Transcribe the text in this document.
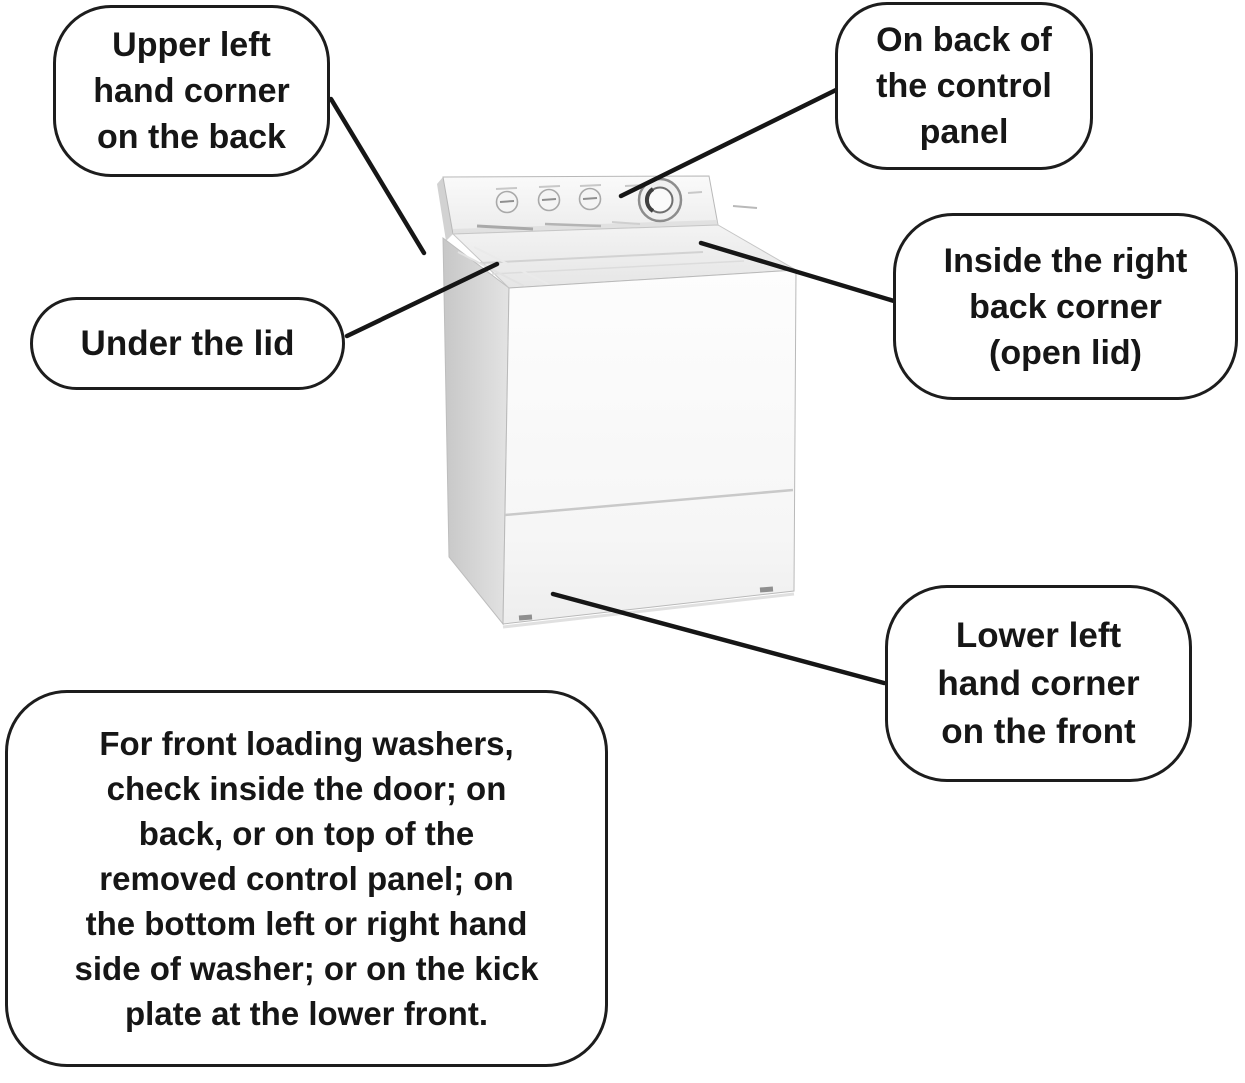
Upper left
hand corner
on the back
On back of
the control
panel
Under the lid
Inside the right
back corner
(open lid)
Lower left
hand corner
on the front
For front loading washers,
check inside the door; on
back, or on top of the
removed control panel; on
the bottom left or right hand
side of washer; or on the kick
plate at the lower front.
